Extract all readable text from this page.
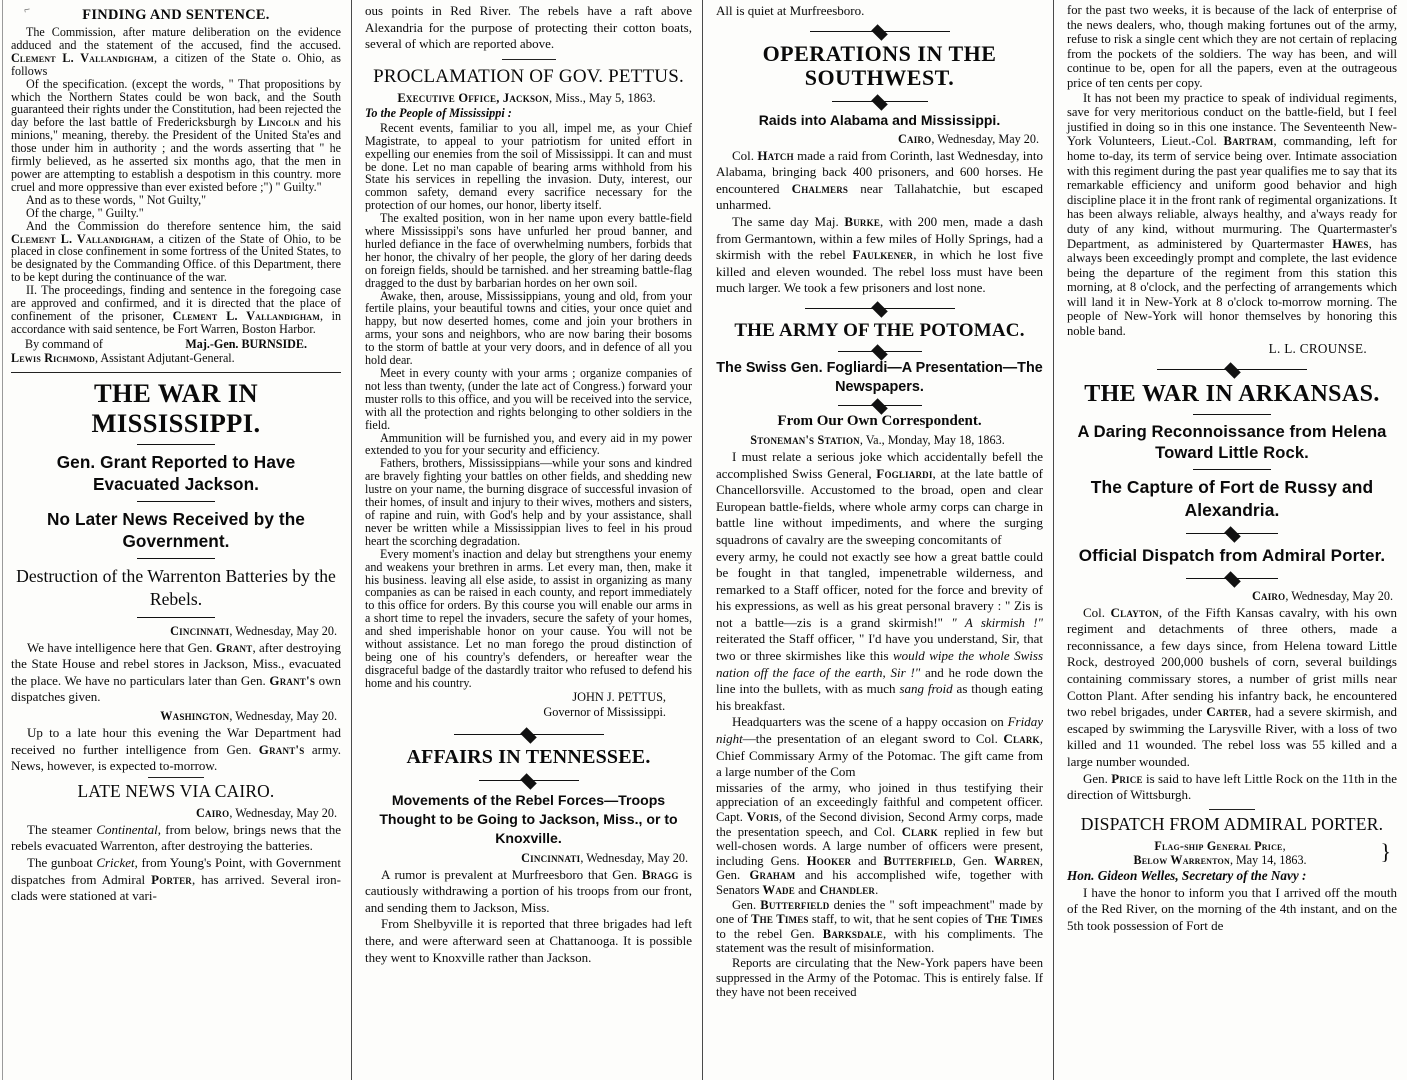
⌐	FINDING AND SENTENCE.

The Commission, after mature deliberation on the evidence adduced and the statement of the accused, find the accused. Clement L. Vallandigham, a citizen of the State o. Ohio, as follows

Of the specification. (except the words, " That propositions by which the Northern States could be won back, and the South guaranteed their rights under the Constitution, had been rejected the day before the last battle of Fredericksburgh by Lincoln and his minions," meaning, thereby. the President of the United Sta'es and those under him in authority ; and the words asserting that " he firmly believed, as he asserted six months ago, that the men in power are attempting to establish a despotism in this country. more cruel and more oppressive than ever existed before ;") " Guilty."

And as to these words, " Not Guilty,"

Of the charge, " Guilty."

And the Commission do therefore sentence him, the said Clement L. Vallandigham, a citizen of the State of Ohio, to be placed in close confinement in some fortress of the United States, to be designated by the Commanding Office. of this Department, there to be kept during the continuance of the war.

II. The proceedings, finding and sentence in the foregoing case are approved and confirmed, and it is directed that the place of confinement of the prisoner, Clement L. Vallandigham, in accordance with said sentence, be Fort Warren, Boston Harbor.

By command of	Maj.-Gen. BURNSIDE.

Lewis Richmond, Assistant Adjutant-General.

THE WAR IN MISSISSIPPI.
Gen. Grant Reported to Have Evacuated Jackson.
No Later News Received by the Government.
Destruction of the Warrenton Batteries by the Rebels.
Cincinnati, Wednesday, May 20.

We have intelligence here that Gen. Grant, after destroying the State House and rebel stores in Jackson, Miss., evacuated the place. We have no particulars later than Gen. Grant's own dispatches given.

Washington, Wednesday, May 20.

Up to a late hour this evening the War Department had received no further intelligence from Gen. Grant's army. News, however, is expected to-morrow.

LATE NEWS VIA CAIRO.
Cairo, Wednesday, May 20.

The steamer Continental, from below, brings news that the rebels evacuated Warrenton, after destroying the batteries.

The gunboat Cricket, from Young's Point, with Government dispatches from Admiral Porter, has arrived. Several iron-clads were stationed at vari-

ous points in Red River. The rebels have a raft above Alexandria for the purpose of protecting their cotton boats, several of which are reported above.

PROCLAMATION OF GOV. PETTUS.
Executive Office, Jackson, Miss., May 5, 1863.
To the People of Mississippi :

Recent events, familiar to you all, impel me, as your Chief Magistrate, to appeal to your patriotism for united effort in expelling our enemies from the soil of Mississippi. It can and must be done. Let no man capable of bearing arms withhold from his State his services in repelling the invasion. Duty, interest, our common safety, demand every sacrifice necessary for the protection of our homes, our honor, liberty itself.

The exalted position, won in her name upon every battle-field where Mississippi's sons have unfurled her proud banner, and hurled defiance in the face of overwhelming numbers, forbids that her honor, the chivalry of her people, the glory of her daring deeds on foreign fields, should be tarnished. and her streaming battle-flag dragged to the dust by barbarian hordes on her own soil.

Awake, then, arouse, Mississippians, young and old, from your fertile plains, your beautiful towns and cities, your once quiet and happy, but now deserted homes, come and join your brothers in arms, your sons and neighbors, who are now baring their bosoms to the storm of battle at your very doors, and in defence of all you hold dear.

Meet in every county with your arms ; organize companies of not less than twenty, (under the late act of Congress.) forward your muster rolls to this office, and you will be received into the service, with all the protection and rights belonging to other soldiers in the field.

Ammunition will be furnished you, and every aid in my power extended to you for your security and efficiency.

Fathers, brothers, Mississippians—while your sons and kindred are bravely fighting your battles on other fields, and shedding new lustre on your name, the burning disgrace of successful invasion of their homes, of insult and injury to their wives, mothers and sisters, of rapine and ruin, with God's help and by your assistance, shall never be written while a Mississippian lives to feel in his proud heart the scorching degradation.

Every moment's inaction and delay but strengthens your enemy and weakens your brethren in arms. Let every man, then, make it his business. leaving all else aside, to assist in organizing as many companies as can be raised in each county, and report immediately to this office for orders. By this course you will enable our arms in a short time to repel the invaders, secure the safety of your homes, and shed imperishable honor on your cause. You will not be without assistance. Let no man forego the proud distinction of being one of his country's defenders, or hereafter wear the disgraceful badge of the dastardly traitor who refused to defend his home and his country.

JOHN J. PETTUS,
Governor of Mississippi.
AFFAIRS IN TENNESSEE.
Movements of the Rebel Forces—Troops Thought to be Going to Jackson, Miss., or to Knoxville.
Cincinnati, Wednesday, May 20.

A rumor is prevalent at Murfreesboro that Gen. Bragg is cautiously withdrawing a portion of his troops from our front, and sending them to Jackson, Miss.

From Shelbyville it is reported that three brigades had left there, and were afterward seen at Chattanooga. It is possible they went to Knoxville rather than Jackson.

All is quiet at Murfreesboro.

OPERATIONS IN THE SOUTHWEST.
Raids into Alabama and Mississippi.
Cairo, Wednesday, May 20.

Col. Hatch made a raid from Corinth, last Wednesday, into Alabama, bringing back 400 prisoners, and 600 horses. He encountered Chalmers near Tallahatchie, but escaped unharmed.

The same day Maj. Burke, with 200 men, made a dash from Germantown, within a few miles of Holly Springs, had a skirmish with the rebel Faulkener, in which he lost five killed and eleven wounded. The rebel loss must have been much larger. We took a few prisoners and lost none.

THE ARMY OF THE POTOMAC.
The Swiss Gen. Fogliardi—A Presentation—The Newspapers.
From Our Own Correspondent.
Stoneman's Station, Va., Monday, May 18, 1863.

I must relate a serious joke which accidentally befell the accomplished Swiss General, Fogliardi, at the late battle of Chancellorsville. Accustomed to the broad, open and clear European battle-fields, where whole army corps can charge in battle line without impediments, and where the surging squadrons of cavalry are the sweeping concomitants of

every army, he could not exactly see how a great battle could be fought in that tangled, impenetrable wilderness, and remarked to a Staff officer, noted for the force and brevity of his expressions, as well as his great personal bravery : " Zis is not a battle—zis is a grand skirmish!" " A skirmish !" reiterated the Staff officer, " I'd have you understand, Sir, that two or three skirmishes like this would wipe the whole Swiss nation off the face of the earth, Sir !" and he rode down the line into the bullets, with as much sang froid as though eating his breakfast.

Headquarters was the scene of a happy occasion on Friday night—the presentation of an elegant sword to Col. Clark, Chief Commissary Army of the Potomac. The gift came from a large number of the Com

missaries of the army, who joined in thus testifying their appreciation of an exceedingly faithful and competent officer. Capt. Voris, of the Second division, Second Army corps, made the presentation speech, and Col. Clark replied in few but well-chosen words. A large number of officers were present, including Gens. Hooker and Butterfield, Gen. Warren, Gen. Graham and his accomplished wife, together with Senators Wade and Chandler.

Gen. Butterfield denies the " soft impeachment" made by one of The Times staff, to wit, that he sent copies of The Times to the rebel Gen. Barksdale, with his compliments. The statement was the result of misinformation.

Reports are circulating that the New-York papers have been suppressed in the Army of the Potomac. This is entirely false. If they have not been received

for the past two weeks, it is because of the lack of enterprise of the news dealers, who, though making fortunes out of the army, refuse to risk a single cent which they are not certain of replacing from the pockets of the soldiers. The way has been, and will continue to be, open for all the papers, even at the outrageous price of ten cents per copy.

It has not been my practice to speak of individual regiments, save for very meritorious conduct on the battle-field, but I feel justified in doing so in this one instance. The Seventeenth New-York Volunteers, Lieut.-Col. Bartram, commanding, left for home to-day, its term of service being over. Intimate association with this regiment during the past year qualifies me to say that its remarkable efficiency and uniform good behavior and high discipline place it in the front rank of regimental organizations. It has been always reliable, always healthy, and a'ways ready for duty of any kind, without murmuring. The Quartermaster's Department, as administered by Quartermaster Hawes, has always been exceedingly prompt and complete, the last evidence being the departure of the regiment from this station this morning, at 8 o'clock, and the perfecting of arrangements which will land it in New-York at 8 o'clock to-morrow morning. The people of New-York will honor themselves by honoring this noble band.

L. L. CROUNSE.
THE WAR IN ARKANSAS.
A Daring Reconnoissance from Helena Toward Little Rock.
The Capture of Fort de Russy and Alexandria.
Official Dispatch from Admiral Porter.
Cairo, Wednesday, May 20.

Col. Clayton, of the Fifth Kansas cavalry, with his own regiment and detachments of three others, made a reconnissance, a few days since, from Helena toward Little Rock, destroyed 200,000 bushels of corn, several buildings containing commissary stores, a number of grist mills near Cotton Plant. After sending his infantry back, he encountered two rebel brigades, under Carter, had a severe skirmish, and escaped by swimming the Larysville River, with a loss of two killed and 11 wounded. The rebel loss was 55 killed and a large number wounded.

Gen. Price is said to have left Little Rock on the 11th in the direction of Wittsburgh.

DISPATCH FROM ADMIRAL PORTER.
}
Flag-ship General Price,
Below Warrenton, May 14, 1863.
Hon. Gideon Welles, Secretary of the Navy :

I have the honor to inform you that I arrived off the mouth of the Red River, on the morning of the 4th instant, and on the 5th took possession of Fort de
